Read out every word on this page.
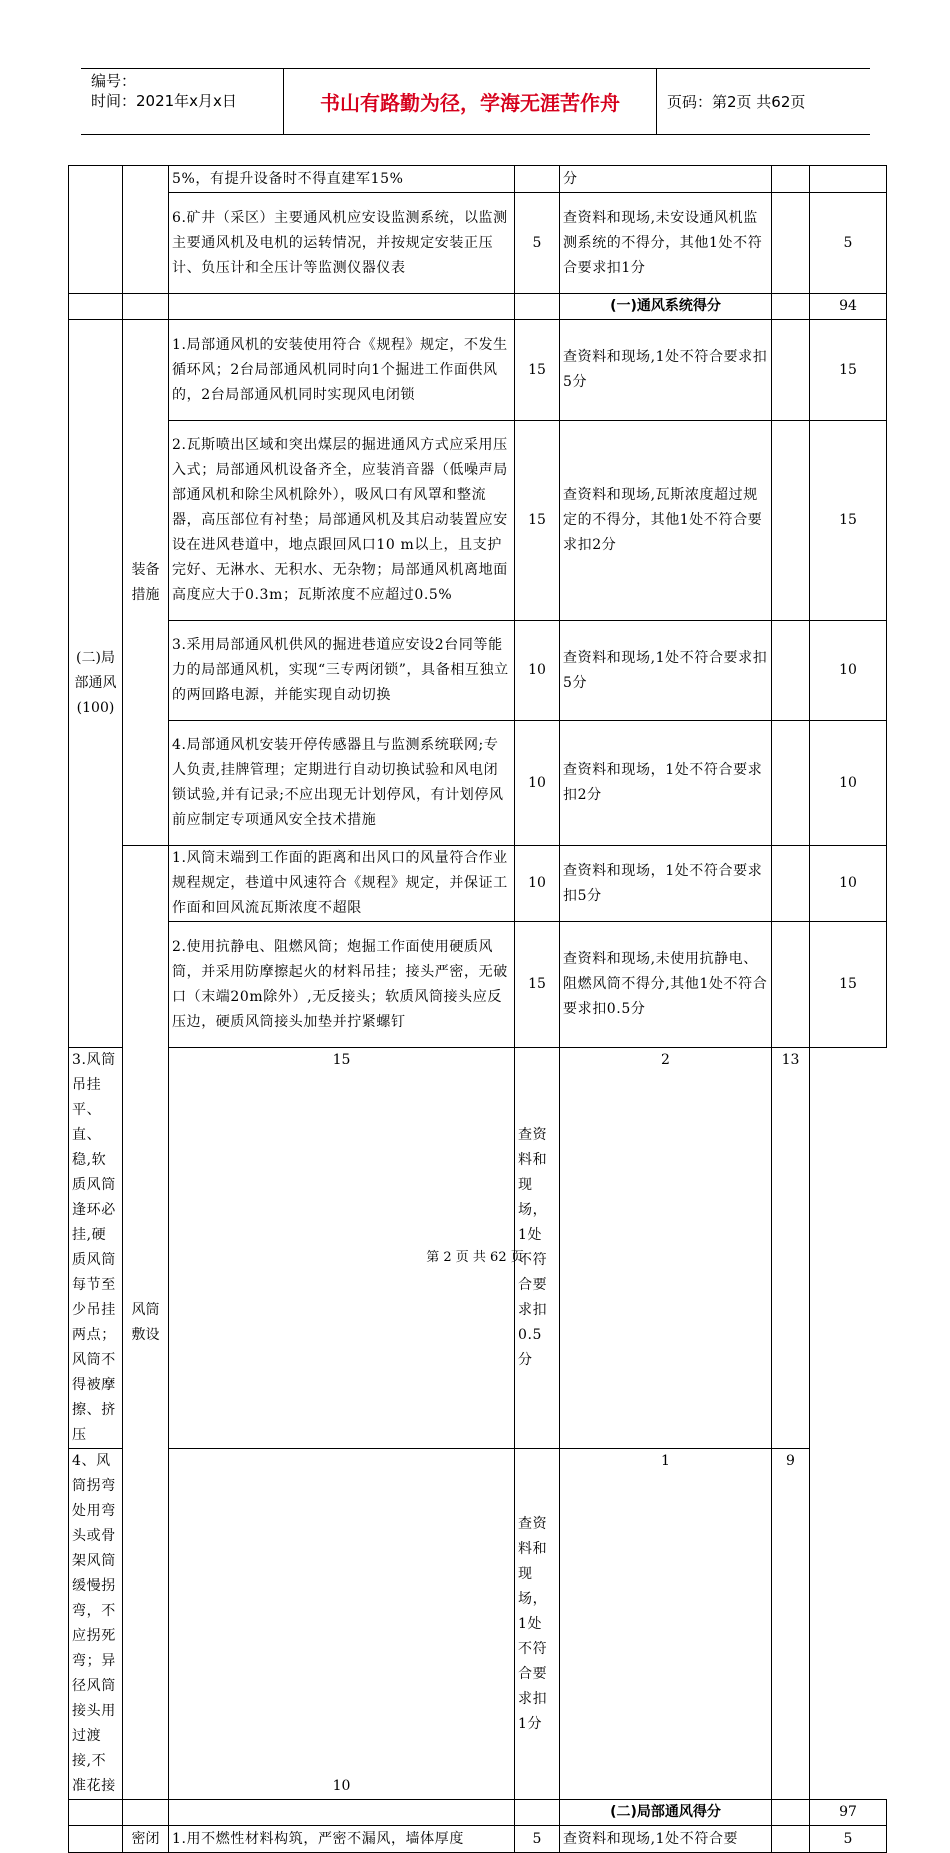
编号：
时间：2021年x月x日	书山有路勤为径，学海无涯苦作舟	页码：第2页 共62页
		5%，有提升设备时不得直建军15%		分		
		6.矿井（采区）主要通风机应安设监测系统，以监测主要通风机及电机的运转情况，并按规定安装正压计、负压计和全压计等监测仪器仪表	5	查资料和现场,未安设通风机监测系统的不得分，其他1处不符合要求扣1分		5
				(一)通风系统得分		94
(二)局部通风(100)	装备措施	1.局部通风机的安装使用符合《规程》规定，不发生循环风；2台局部通风机同时向1个掘进工作面供风的，2台局部通风机同时实现风电闭锁	15	查资料和现场,1处不符合要求扣5分		15
		2.瓦斯喷出区域和突出煤层的掘进通风方式应采用压入式；局部通风机设备齐全，应装消音器（低噪声局部通风机和除尘风机除外），吸风口有风罩和整流器，高压部位有衬垫；局部通风机及其启动装置应安设在进风巷道中，地点跟回风口10 m以上，且支护完好、无淋水、无积水、无杂物；局部通风机离地面高度应大于0.3m；瓦斯浓度不应超过0.5%	15	查资料和现场,瓦斯浓度超过规定的不得分，其他1处不符合要求扣2分		15
		3.采用局部通风机供风的掘进巷道应安设2台同等能力的局部通风机，实现“三专两闭锁”，具备相互独立的两回路电源，并能实现自动切换	10	查资料和现场,1处不符合要求扣5分		10
		4.局部通风机安装开停传感器且与监测系统联网;专人负责,挂牌管理；定期进行自动切换试验和风电闭锁试验,并有记录;不应出现无计划停风，有计划停风前应制定专项通风安全技术措施	10	查资料和现场，1处不符合要求扣2分		10
	风筒敷设	1.风筒末端到工作面的距离和出风口的风量符合作业规程规定，巷道中风速符合《规程》规定，并保证工作面和回风流瓦斯浓度不超限	10	查资料和现场，1处不符合要求扣5分		10
		2.使用抗静电、阻燃风筒；炮掘工作面使用硬质风筒，并采用防摩擦起火的材料吊挂；接头严密，无破口（末端20m除外）,无反接头；软质风筒接头应反压边，硬质风筒接头加垫并拧紧螺钉	15	查资料和现场,未使用抗静电、阻燃风筒不得分,其他1处不符合要求扣0.5分		15
3.风筒吊挂平、直、稳,软质风筒逢环必挂,硬质风筒每节至少吊挂两点；风筒不得被摩擦、挤压		15	查资料和现场，1处不符合要求扣0.5分	2	13	
4、风筒拐弯处用弯头或骨架风筒缓慢拐弯，不应拐死弯；异径风筒接头用过渡接,不准花接		10	查资料和现场，1处不符合要求扣1分	1	9	
				(二)局部通风得分		97
	密闭	1.用不燃性材料构筑，严密不漏风，墙体厚度	5	查资料和现场,1处不符合要		5
第 2 页 共 62 页
